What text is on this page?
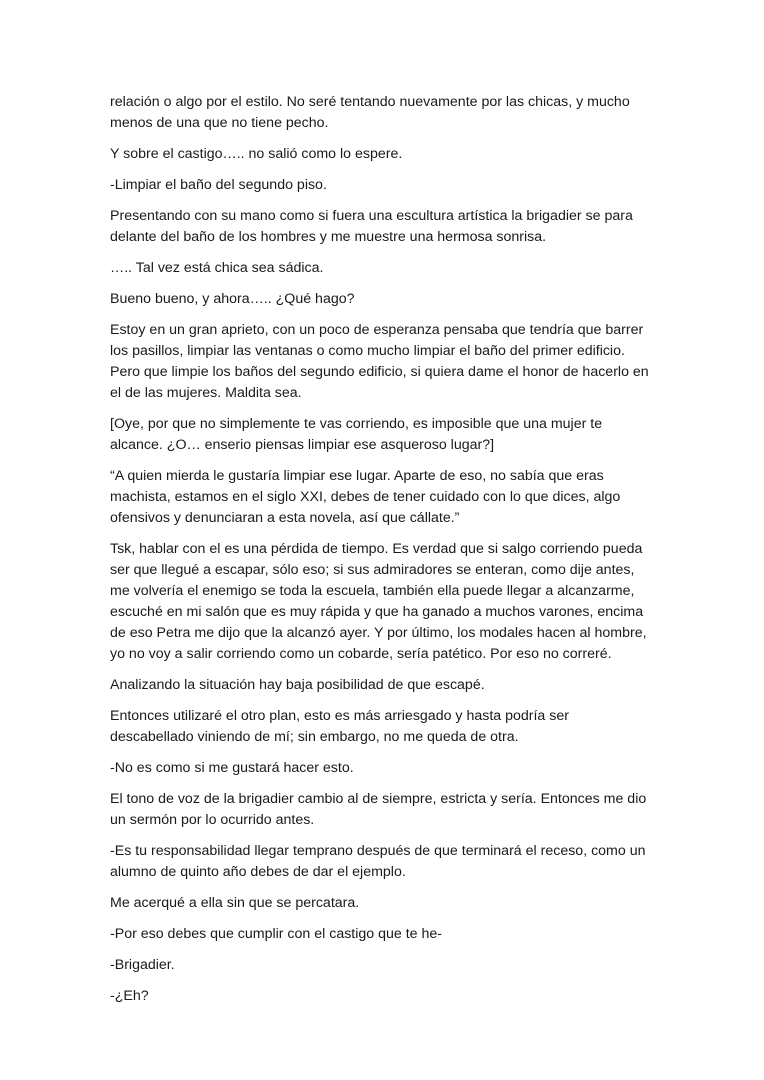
relación o algo por el estilo. No seré tentando nuevamente por las chicas, y mucho menos de una que no tiene pecho.

Y sobre el castigo….. no salió como lo espere.

-Limpiar el baño del segundo piso.

Presentando con su mano como si fuera una escultura artística la brigadier se para delante del baño de los hombres y me muestre una hermosa sonrisa.

….. Tal vez está chica sea sádica.

Bueno bueno, y ahora….. ¿Qué hago?

Estoy en un gran aprieto, con un poco de esperanza pensaba que tendría que barrer los pasillos, limpiar las ventanas o como mucho limpiar el baño del primer edificio. Pero que limpie los baños del segundo edificio, si quiera dame el honor de hacerlo en el de las mujeres. Maldita sea.

[Oye, por que no simplemente te vas corriendo, es imposible que una mujer te alcance. ¿O… enserio piensas limpiar ese asqueroso lugar?]

“A quien mierda le gustaría limpiar ese lugar. Aparte de eso, no sabía que eras machista, estamos en el siglo XXI, debes de tener cuidado con lo que dices, algo ofensivos y denunciaran a esta novela, así que cállate.”

Tsk, hablar con el es una pérdida de tiempo. Es verdad que si salgo corriendo pueda ser que llegué a escapar, sólo eso; si sus admiradores se enteran, como dije antes, me volvería el enemigo se toda la escuela, también ella puede llegar a alcanzarme, escuché en mi salón que es muy rápida y que ha ganado a muchos varones, encima de eso Petra me dijo que la alcanzó ayer. Y por último, los modales hacen al hombre, yo no voy a salir corriendo como un cobarde, sería patético. Por eso no correré.

Analizando la situación hay baja posibilidad de que escapé.

Entonces utilizaré el otro plan, esto es más arriesgado y hasta podría ser descabellado viniendo de mí; sin embargo, no me queda de otra.

-No es como si me gustará hacer esto.

El tono de voz de la brigadier cambio al de siempre, estricta y sería. Entonces me dio un sermón por lo ocurrido antes.

-Es tu responsabilidad llegar temprano después de que terminará el receso, como un alumno de quinto año debes de dar el ejemplo.

Me acerqué a ella sin que se percatara.

-Por eso debes que cumplir con el castigo que te he-

-Brigadier.

-¿Eh?
